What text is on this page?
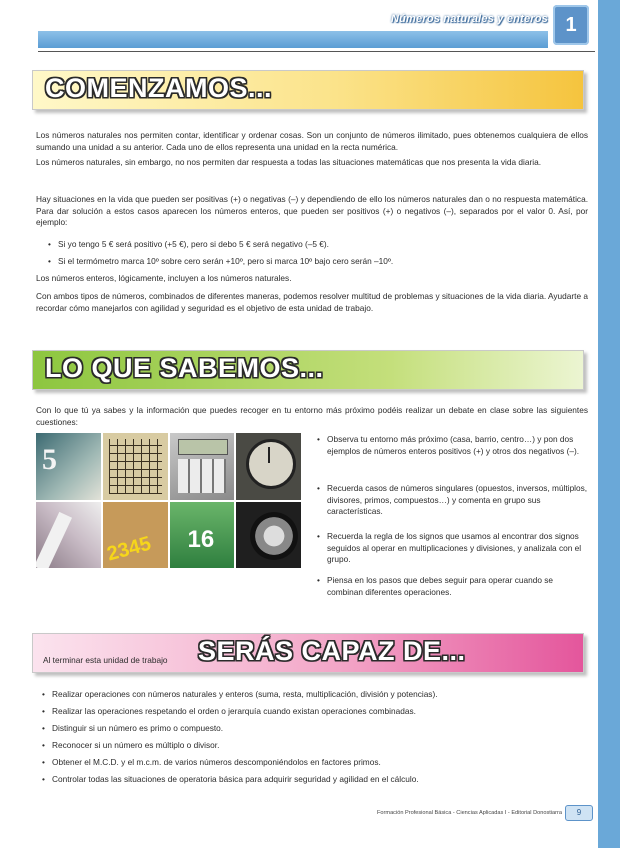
Números naturales y enteros 1
COMENZAMOS...

Los números naturales nos permiten contar, identificar y ordenar cosas. Son un conjunto de números ilimitado, pues obtenemos cualquiera de ellos sumando una unidad a su anterior. Cada uno de ellos representa una unidad en la recta numérica.

Los números naturales, sin embargo, no nos permiten dar respuesta a todas las situaciones matemáticas que nos presenta la vida diaria.

Hay situaciones en la vida que pueden ser positivas (+) o negativas (–) y dependiendo de ello los números naturales dan o no respuesta matemática. Para dar solución a estos casos aparecen los números enteros, que pueden ser positivos (+) o negativos (–), separados por el valor 0. Así, por ejemplo:

• Si yo tengo 5 € será positivo (+5 €), pero si debo 5 € será negativo (–5 €).

• Si el termómetro marca 10º sobre cero serán +10º, pero si marca 10º bajo cero serán –10º.

Los números enteros, lógicamente, incluyen a los números naturales.

Con ambos tipos de números, combinados de diferentes maneras, podemos resolver multitud de problemas y situaciones de la vida diaria. Ayudarte a recordar cómo manejarlos con agilidad y seguridad es el objetivo de esta unidad de trabajo.

LO QUE SABEMOS...

Con lo que tú ya sabes y la información que puedes recoger en tu entorno más próximo podéis realizar un debate en clase sobre las siguientes cuestiones:

5
2345 16

• Observa tu entorno más próximo (casa, barrio, centro…) y pon dos ejemplos de números enteros positivos (+) y otros dos negativos (–).

• Recuerda casos de números singulares (opuestos, inversos, múltiplos, divisores, primos, compuestos…) y comenta en grupo sus características.

• Recuerda la regla de los signos que usamos al encontrar dos signos seguidos al operar en multiplicaciones y divisiones, y analizala con el grupo.

• Piensa en los pasos que debes seguir para operar cuando se combinan diferentes operaciones.

Al terminar esta unidad de trabajo SERÁS CAPAZ DE...

• Realizar operaciones con números naturales y enteros (suma, resta, multiplicación, división y potencias).

• Realizar las operaciones respetando el orden o jerarquía cuando existan operaciones combinadas.

• Distinguir si un número es primo o compuesto.

• Reconocer si un número es múltiplo o divisor.

• Obtener el M.C.D. y el m.c.m. de varios números descomponiéndolos en factores primos.

• Controlar todas las situaciones de operatoria básica para adquirir seguridad y agilidad en el cálculo.

Formación Profesional Básica - Ciencias Aplicadas I - Editorial Donostiarra	9
